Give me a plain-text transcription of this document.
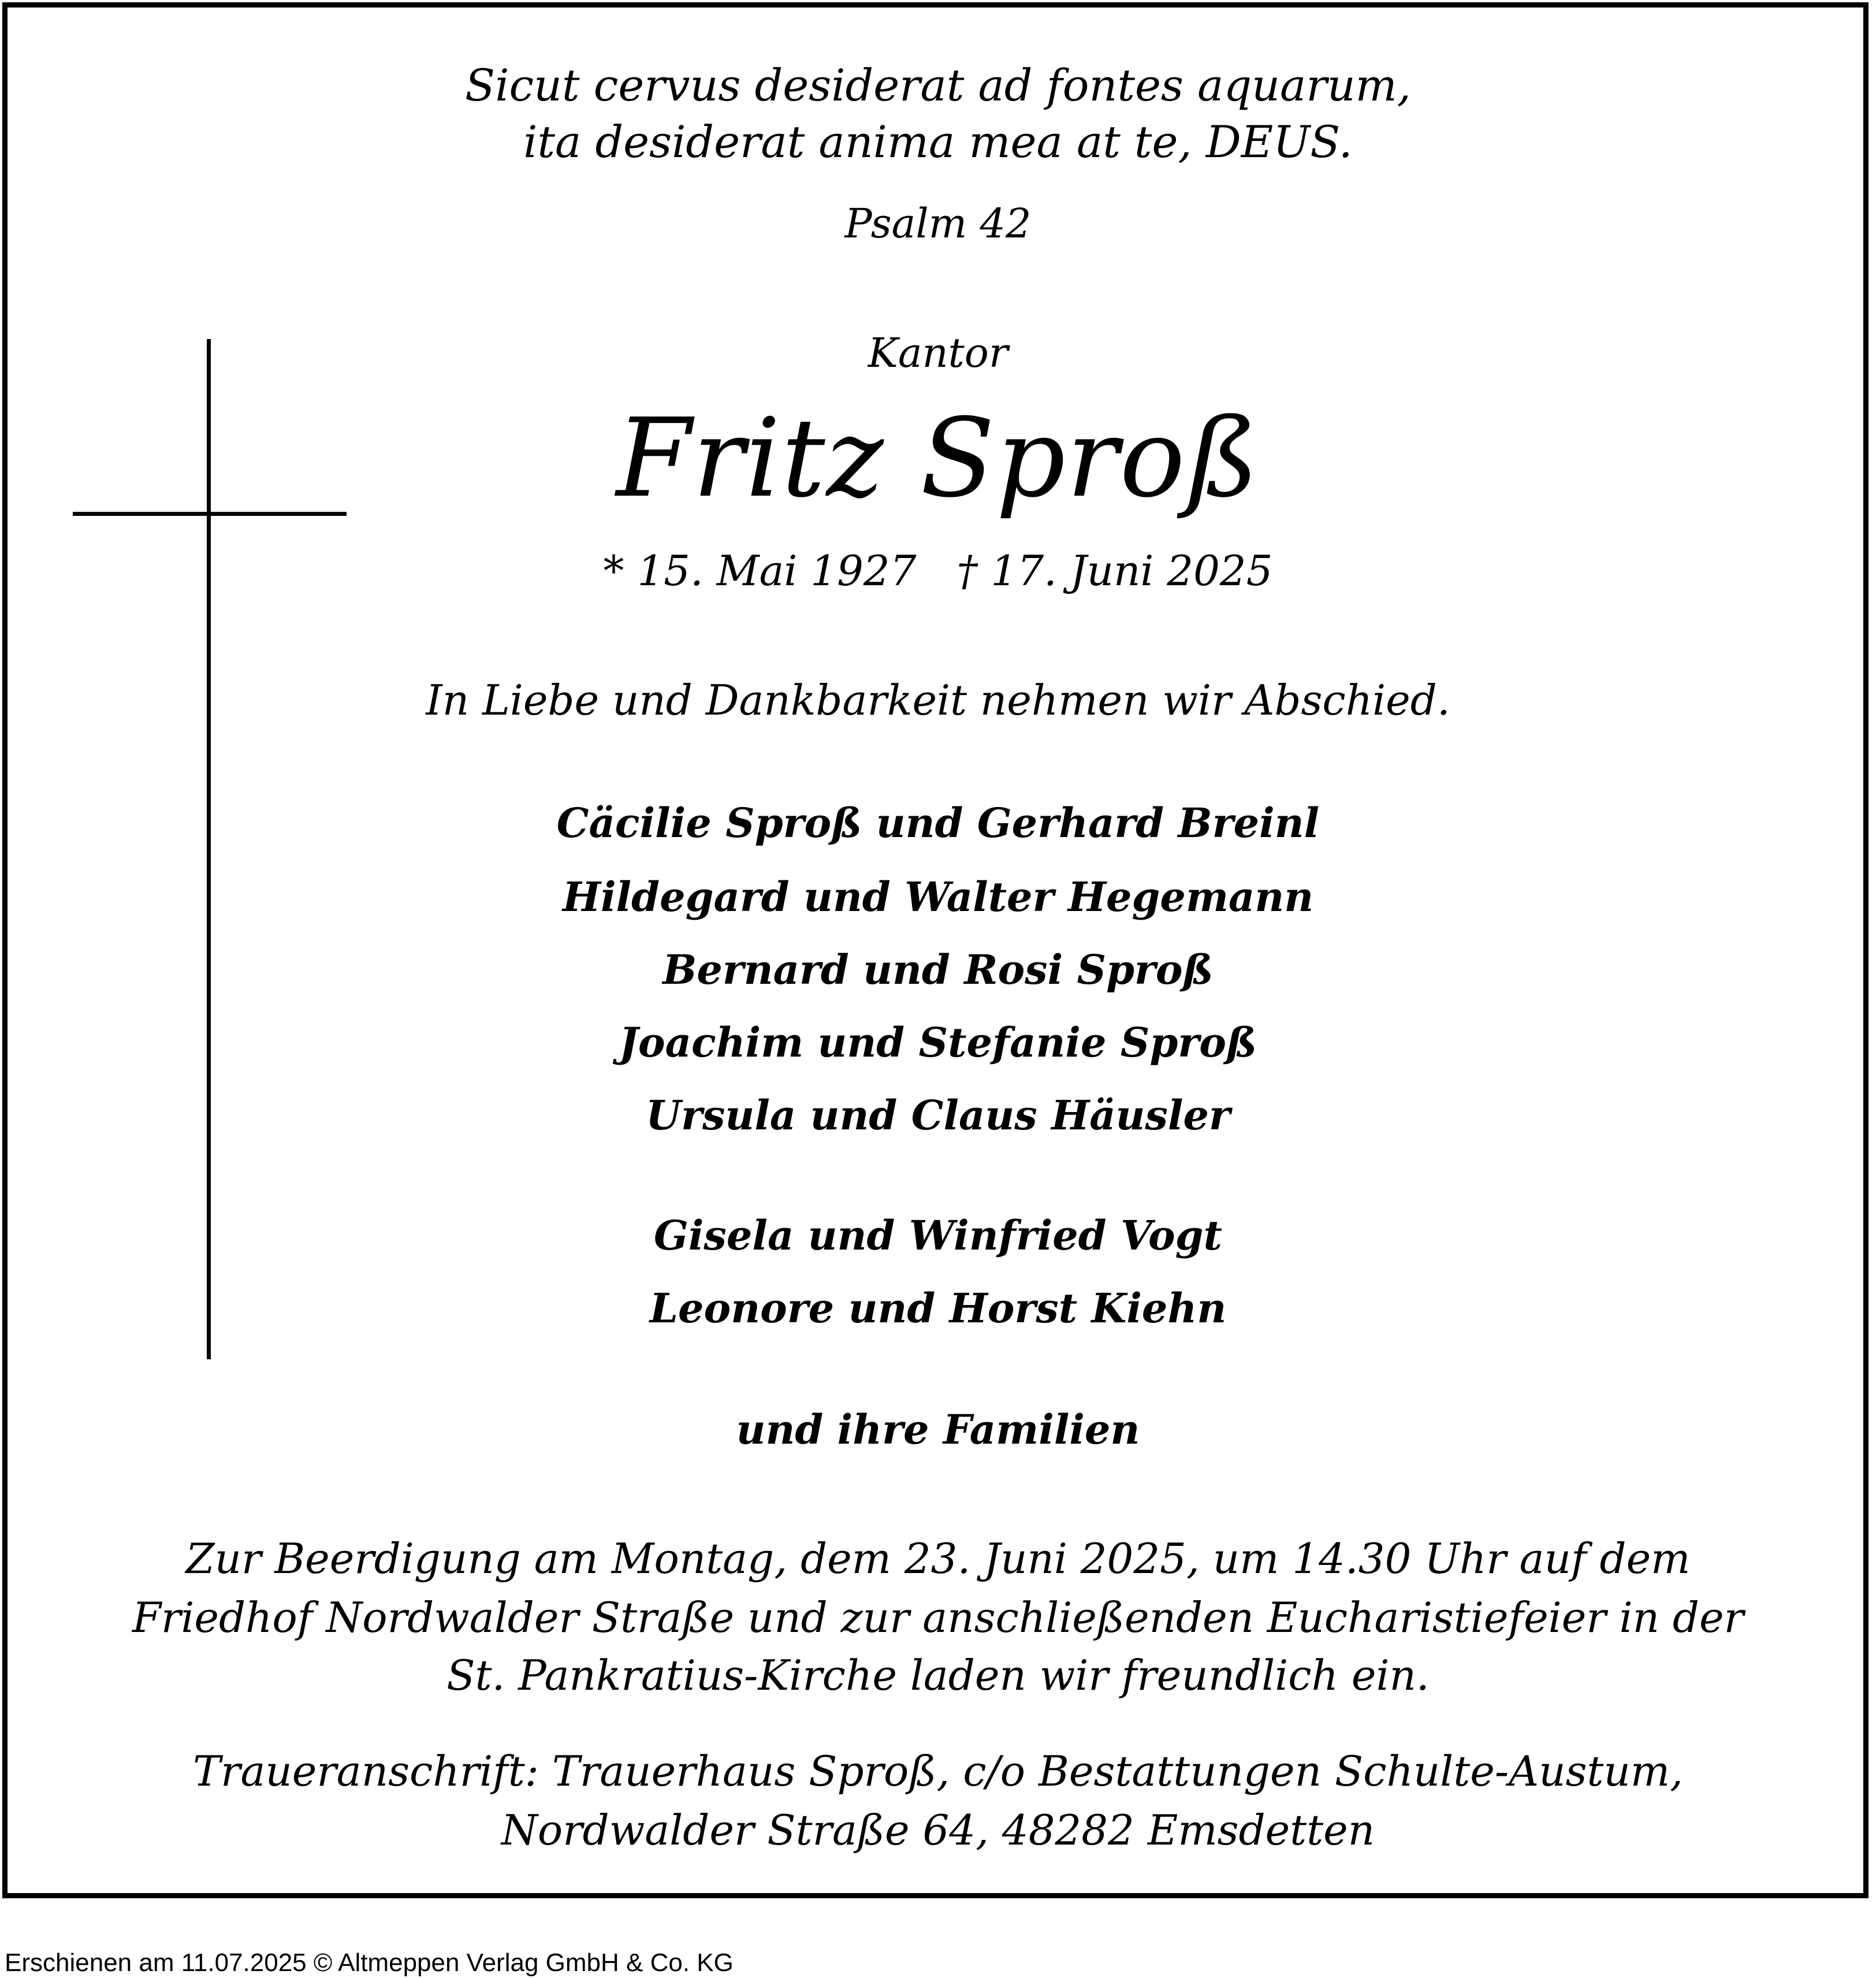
Sicut cervus desiderat ad fontes aquarum,
ita desiderat anima mea at te, DEUS.
Psalm 42
Kantor
Fritz Sproß
* 15. Mai 1927 † 17. Juni 2025
In Liebe und Dankbarkeit nehmen wir Abschied.
Cäcilie Sproß und Gerhard Breinl
Hildegard und Walter Hegemann
Bernard und Rosi Sproß
Joachim und Stefanie Sproß
Ursula und Claus Häusler
Gisela und Winfried Vogt
Leonore und Horst Kiehn
und ihre Familien
Zur Beerdigung am Montag, dem 23. Juni 2025, um 14.30 Uhr auf dem
Friedhof Nordwalder Straße und zur anschließenden Eucharistiefeier in der
St. Pankratius-Kirche laden wir freundlich ein.
Traueranschrift: Trauerhaus Sproß, c/o Bestattungen Schulte-Austum,
Nordwalder Straße 64, 48282 Emsdetten
Erschienen am 11.07.2025 © Altmeppen Verlag GmbH & Co. KG
